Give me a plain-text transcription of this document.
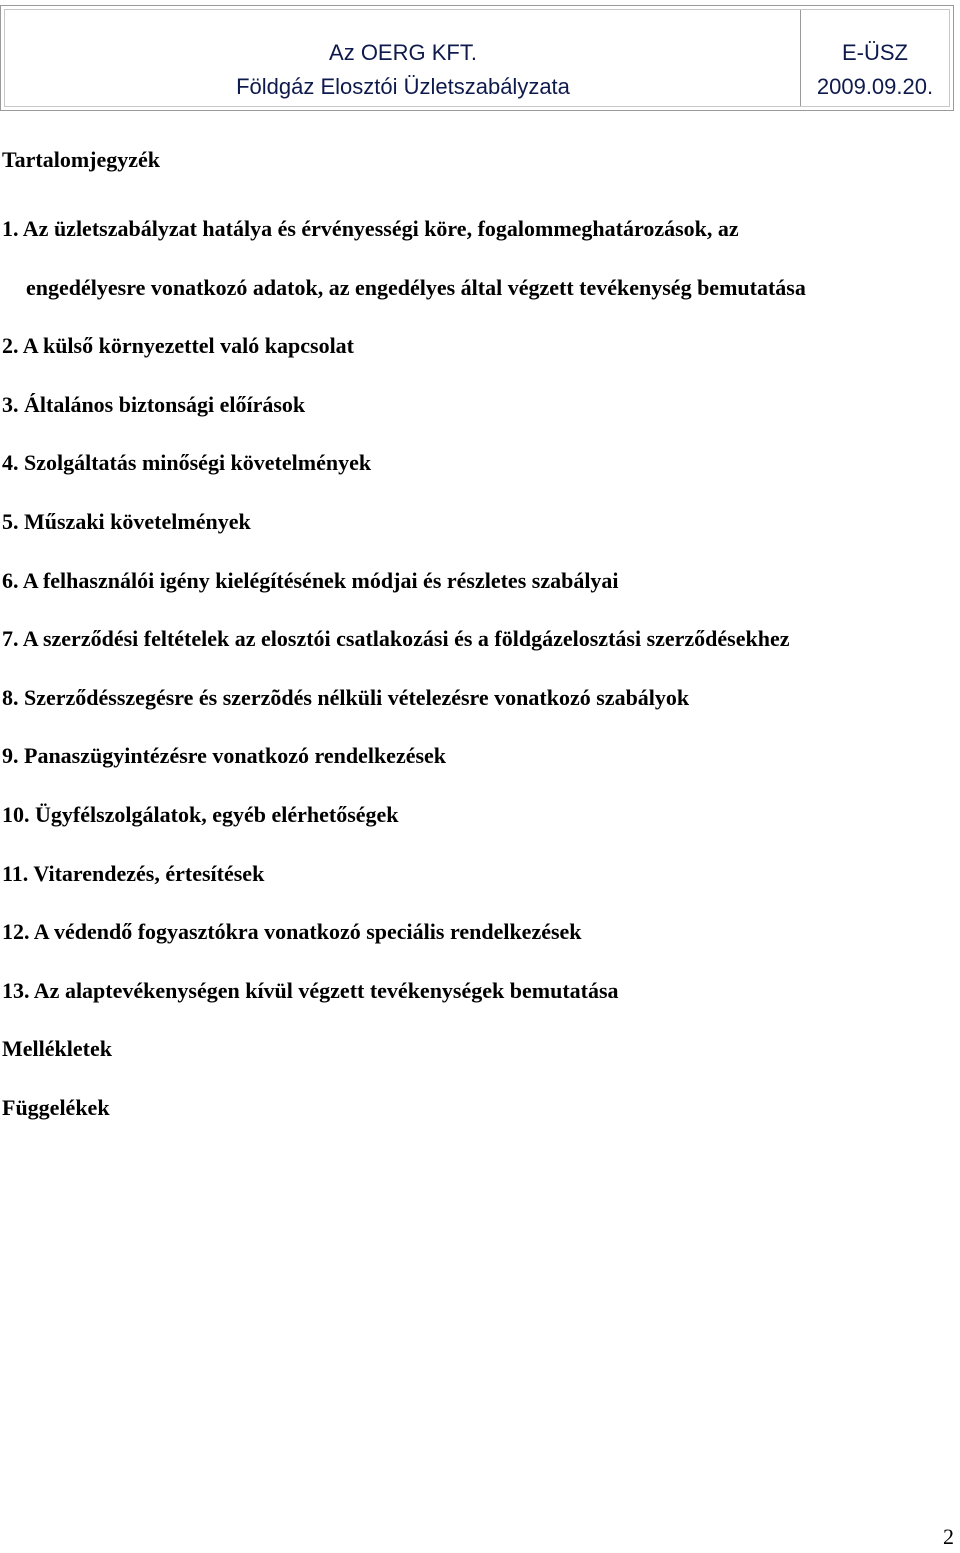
Az OERG KFT.
Földgáz Elosztói Üzletszabályzata
E-ÜSZ
2009.09.20.
Tartalomjegyzék
1. Az üzletszabályzat hatálya és érvényességi köre, fogalommeghatározások, az
engedélyesre vonatkozó adatok, az engedélyes által végzett tevékenység bemutatása
2. A külső környezettel való kapcsolat
3. Általános biztonsági előírások
4. Szolgáltatás minőségi követelmények
5. Műszaki követelmények
6. A felhasználói igény kielégítésének módjai és részletes szabályai
7. A szerződési feltételek az elosztói csatlakozási és a földgázelosztási szerződésekhez
8. Szerződésszegésre és szerzõdés nélküli vételezésre vonatkozó szabályok
9. Panaszügyintézésre vonatkozó rendelkezések
10. Ügyfélszolgálatok, egyéb elérhetőségek
11. Vitarendezés, értesítések
12. A védendő fogyasztókra vonatkozó speciális rendelkezések
13. Az alaptevékenységen kívül végzett tevékenységek bemutatása
Mellékletek
Függelékek
2
